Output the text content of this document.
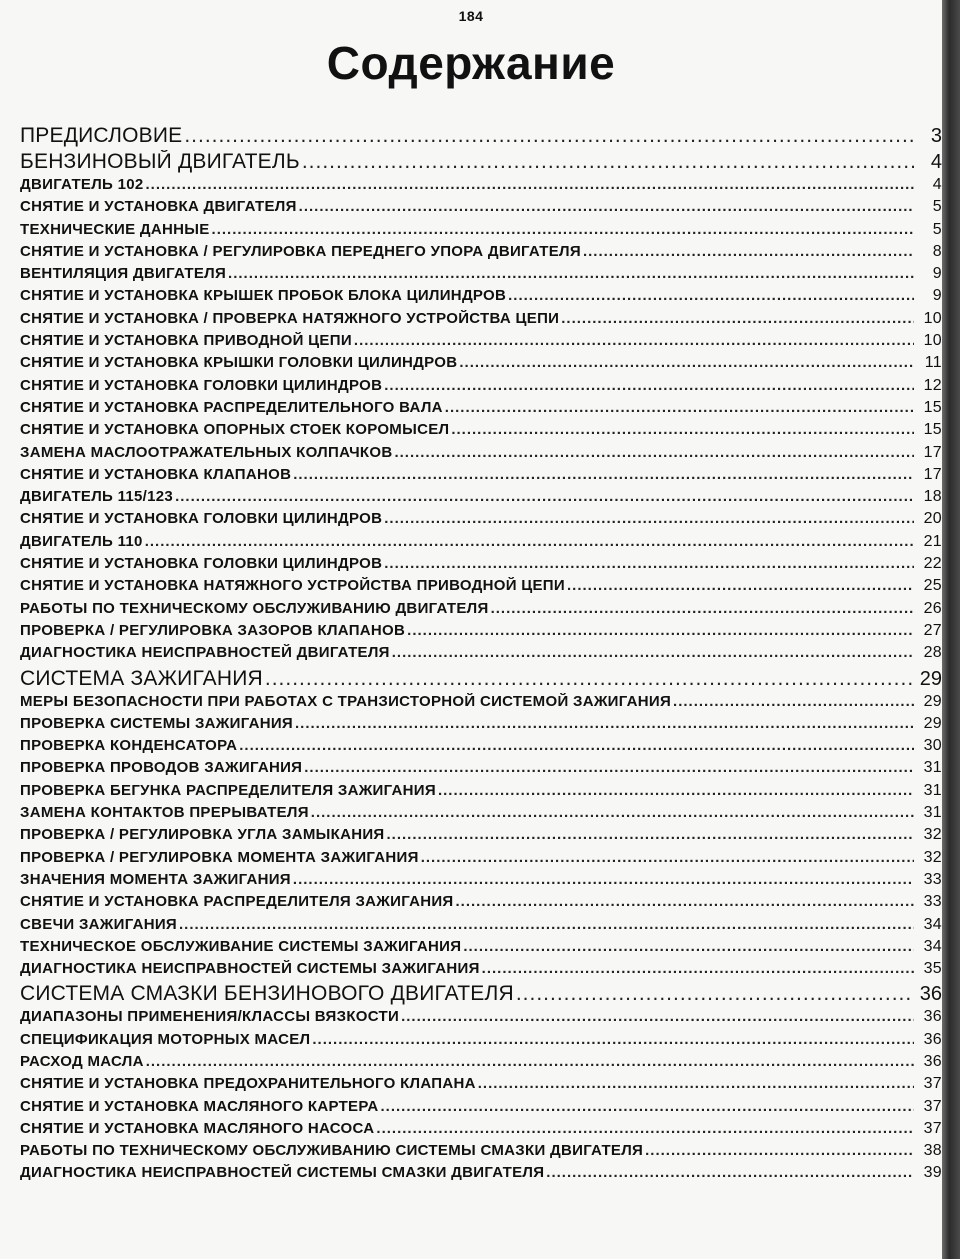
184
Содержание
ПРЕДИСЛОВИЕ .....	3
БЕНЗИНОВЫЙ ДВИГАТЕЛЬ .....	4
ДВИГАТЕЛЬ 102 .....	4
СНЯТИЕ И УСТАНОВКА ДВИГАТЕЛЯ .....	5
ТЕХНИЧЕСКИЕ ДАННЫЕ .....	5
СНЯТИЕ И УСТАНОВКА / РЕГУЛИРОВКА ПЕРЕДНЕГО УПОРА ДВИГАТЕЛЯ .....	8
ВЕНТИЛЯЦИЯ ДВИГАТЕЛЯ .....	9
СНЯТИЕ И УСТАНОВКА КРЫШЕК ПРОБОК БЛОКА ЦИЛИНДРОВ .....	9
СНЯТИЕ И УСТАНОВКА / ПРОВЕРКА НАТЯЖНОГО УСТРОЙСТВА ЦЕПИ .....	10
СНЯТИЕ И УСТАНОВКА ПРИВОДНОЙ ЦЕПИ .....	10
СНЯТИЕ И УСТАНОВКА КРЫШКИ ГОЛОВКИ ЦИЛИНДРОВ .....	11
СНЯТИЕ И УСТАНОВКА ГОЛОВКИ ЦИЛИНДРОВ .....	12
СНЯТИЕ И УСТАНОВКА РАСПРЕДЕЛИТЕЛЬНОГО ВАЛА .....	15
СНЯТИЕ И УСТАНОВКА ОПОРНЫХ СТОЕК КОРОМЫСЕЛ .....	15
ЗАМЕНА МАСЛООТРАЖАТЕЛЬНЫХ КОЛПАЧКОВ .....	17
СНЯТИЕ И УСТАНОВКА КЛАПАНОВ .....	17
ДВИГАТЕЛЬ 115/123 .....	18
СНЯТИЕ И УСТАНОВКА ГОЛОВКИ ЦИЛИНДРОВ .....	20
ДВИГАТЕЛЬ 110 .....	21
СНЯТИЕ И УСТАНОВКА ГОЛОВКИ ЦИЛИНДРОВ .....	22
СНЯТИЕ И УСТАНОВКА НАТЯЖНОГО УСТРОЙСТВА ПРИВОДНОЙ ЦЕПИ .....	25
РАБОТЫ ПО ТЕХНИЧЕСКОМУ ОБСЛУЖИВАНИЮ ДВИГАТЕЛЯ .....	26
ПРОВЕРКА / РЕГУЛИРОВКА ЗАЗОРОВ КЛАПАНОВ .....	27
ДИАГНОСТИКА НЕИСПРАВНОСТЕЙ ДВИГАТЕЛЯ .....	28
СИСТЕМА ЗАЖИГАНИЯ .....	29
МЕРЫ БЕЗОПАСНОСТИ ПРИ РАБОТАХ С ТРАНЗИСТОРНОЙ СИСТЕМОЙ ЗАЖИГАНИЯ .....	29
ПРОВЕРКА СИСТЕМЫ ЗАЖИГАНИЯ .....	29
ПРОВЕРКА КОНДЕНСАТОРА .....	30
ПРОВЕРКА ПРОВОДОВ ЗАЖИГАНИЯ .....	31
ПРОВЕРКА БЕГУНКА РАСПРЕДЕЛИТЕЛЯ ЗАЖИГАНИЯ .....	31
ЗАМЕНА КОНТАКТОВ ПРЕРЫВАТЕЛЯ .....	31
ПРОВЕРКА / РЕГУЛИРОВКА УГЛА ЗАМЫКАНИЯ .....	32
ПРОВЕРКА / РЕГУЛИРОВКА МОМЕНТА ЗАЖИГАНИЯ .....	32
ЗНАЧЕНИЯ МОМЕНТА ЗАЖИГАНИЯ .....	33
СНЯТИЕ И УСТАНОВКА РАСПРЕДЕЛИТЕЛЯ ЗАЖИГАНИЯ .....	33
СВЕЧИ ЗАЖИГАНИЯ .....	34
ТЕХНИЧЕСКОЕ ОБСЛУЖИВАНИЕ СИСТЕМЫ ЗАЖИГАНИЯ .....	34
ДИАГНОСТИКА НЕИСПРАВНОСТЕЙ СИСТЕМЫ ЗАЖИГАНИЯ .....	35
СИСТЕМА СМАЗКИ БЕНЗИНОВОГО ДВИГАТЕЛЯ .....	36
ДИАПАЗОНЫ ПРИМЕНЕНИЯ/КЛАССЫ ВЯЗКОСТИ .....	36
СПЕЦИФИКАЦИЯ МОТОРНЫХ МАСЕЛ .....	36
РАСХОД МАСЛА .....	36
СНЯТИЕ И УСТАНОВКА ПРЕДОХРАНИТЕЛЬНОГО КЛАПАНА .....	37
СНЯТИЕ И УСТАНОВКА МАСЛЯНОГО КАРТЕРА .....	37
СНЯТИЕ И УСТАНОВКА МАСЛЯНОГО НАСОСА .....	37
РАБОТЫ ПО ТЕХНИЧЕСКОМУ ОБСЛУЖИВАНИЮ СИСТЕМЫ СМАЗКИ ДВИГАТЕЛЯ .....	38
ДИАГНОСТИКА НЕИСПРАВНОСТЕЙ СИСТЕМЫ СМАЗКИ ДВИГАТЕЛЯ .....	39
